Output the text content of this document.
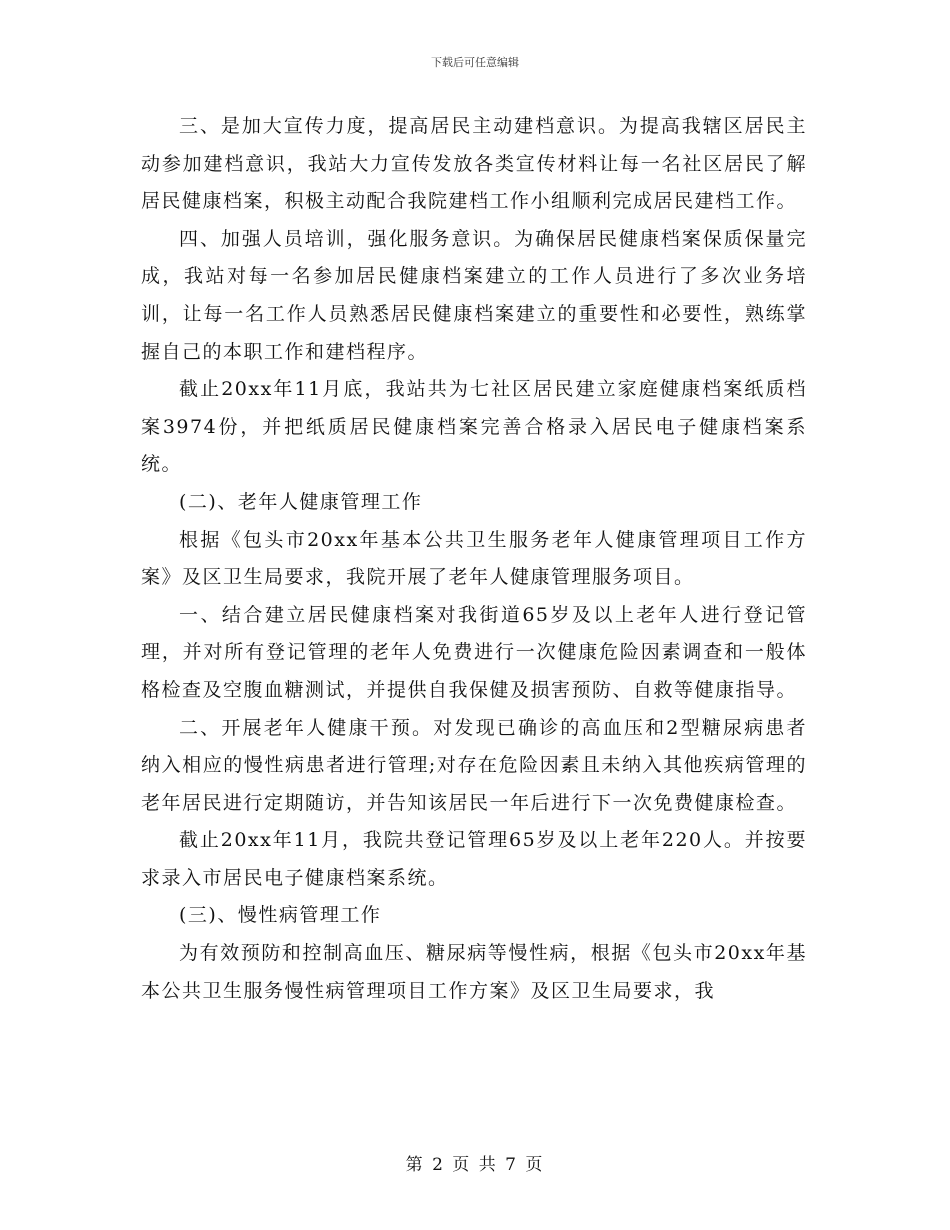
下载后可任意编辑

三、是加大宣传力度，提高居民主动建档意识。为提高我辖区居民主动参加建档意识，我站大力宣传发放各类宣传材料让每一名社区居民了解居民健康档案，积极主动配合我院建档工作小组顺利完成居民建档工作。

四、加强人员培训，强化服务意识。为确保居民健康档案保质保量完成，我站对每一名参加居民健康档案建立的工作人员进行了多次业务培训，让每一名工作人员熟悉居民健康档案建立的重要性和必要性，熟练掌握自己的本职工作和建档程序。

截止20xx年11月底，我站共为七社区居民建立家庭健康档案纸质档案3974份，并把纸质居民健康档案完善合格录入居民电子健康档案系统。

(二)、老年人健康管理工作

根据《包头市20xx年基本公共卫生服务老年人健康管理项目工作方案》及区卫生局要求，我院开展了老年人健康管理服务项目。

一、结合建立居民健康档案对我街道65岁及以上老年人进行登记管理，并对所有登记管理的老年人免费进行一次健康危险因素调查和一般体格检查及空腹血糖测试，并提供自我保健及损害预防、自救等健康指导。

二、开展老年人健康干预。对发现已确诊的高血压和2型糖尿病患者纳入相应的慢性病患者进行管理;对存在危险因素且未纳入其他疾病管理的老年居民进行定期随访，并告知该居民一年后进行下一次免费健康检查。

截止20xx年11月，我院共登记管理65岁及以上老年220人。并按要求录入市居民电子健康档案系统。

(三)、慢性病管理工作

为有效预防和控制高血压、糖尿病等慢性病，根据《包头市20xx年基本公共卫生服务慢性病管理项目工作方案》及区卫生局要求，我

第 2 页 共 7 页
